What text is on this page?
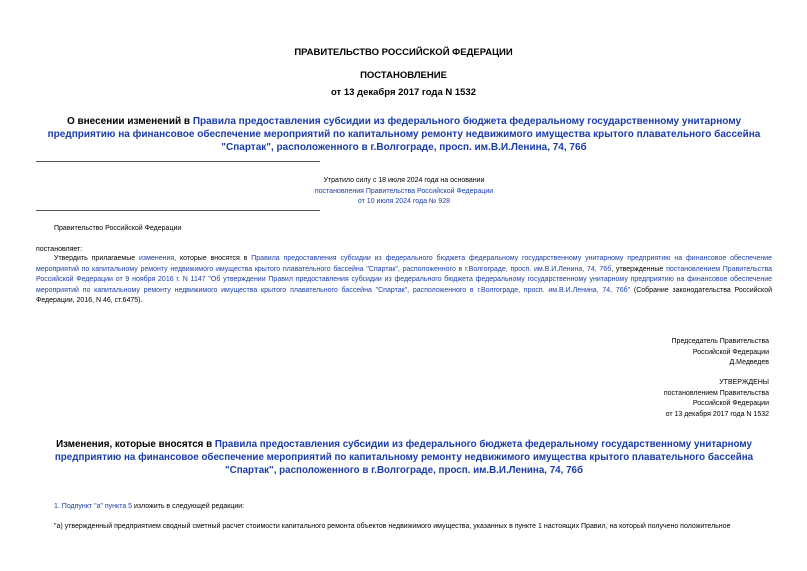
ПРАВИТЕЛЬСТВО РОССИЙСКОЙ ФЕДЕРАЦИИ
ПОСТАНОВЛЕНИЕ
от 13 декабря 2017 года N 1532
О внесении изменений в Правила предоставления субсидии из федерального бюджета федеральному государственному унитарному предприятию на финансовое обеспечение мероприятий по капитальному ремонту недвижимого имущества крытого плавательного бассейна "Спартак", расположенного в г.Волгограде, просп. им.В.И.Ленина, 74, 76б
Утратило силу с 18 июля 2024 года на основании
постановления Правительства Российской Федерации
от 10 июля 2024 года № 928
Правительство Российской Федерации
постановляет:
Утвердить прилагаемые изменения, которые вносятся в Правила предоставления субсидии из федерального бюджета федеральному государственному унитарному предприятию на финансовое обеспечение мероприятий по капитальному ремонту недвижимого имущества крытого плавательного бассейна "Спартак", расположенного в г.Волгограде, просп. им.В.И.Ленина, 74, 76б, утвержденные постановлением Правительства Российской Федерации от 9 ноября 2016 г. N 1147 "Об утверждении Правил предоставления субсидии из федерального бюджета федеральному государственному унитарному предприятию на финансовое обеспечение мероприятий по капитальному ремонту недвижимого имущества крытого плавательного бассейна "Спартак", расположенного в г.Волгограде, просп. им.В.И.Ленина, 74, 76б" (Собрание законодательства Российской Федерации, 2016, N 46, ст.6475).
Председатель Правительства
Российской Федерации
Д.Медведев
УТВЕРЖДЕНЫ
постановлением Правительства
Российской Федерации
от 13 декабря 2017 года N 1532
Изменения, которые вносятся в Правила предоставления субсидии из федерального бюджета федеральному государственному унитарному предприятию на финансовое обеспечение мероприятий по капитальному ремонту недвижимого имущества крытого плавательного бассейна "Спартак", расположенного в г.Волгограде, просп. им.В.И.Ленина, 74, 76б
1. Подпункт "а" пункта 5 изложить в следующей редакции:
"а) утвержденный предприятием сводный сметный расчет стоимости капитального ремонта объектов недвижимого имущества, указанных в пункте 1 настоящих Правил, на который получено положительное
